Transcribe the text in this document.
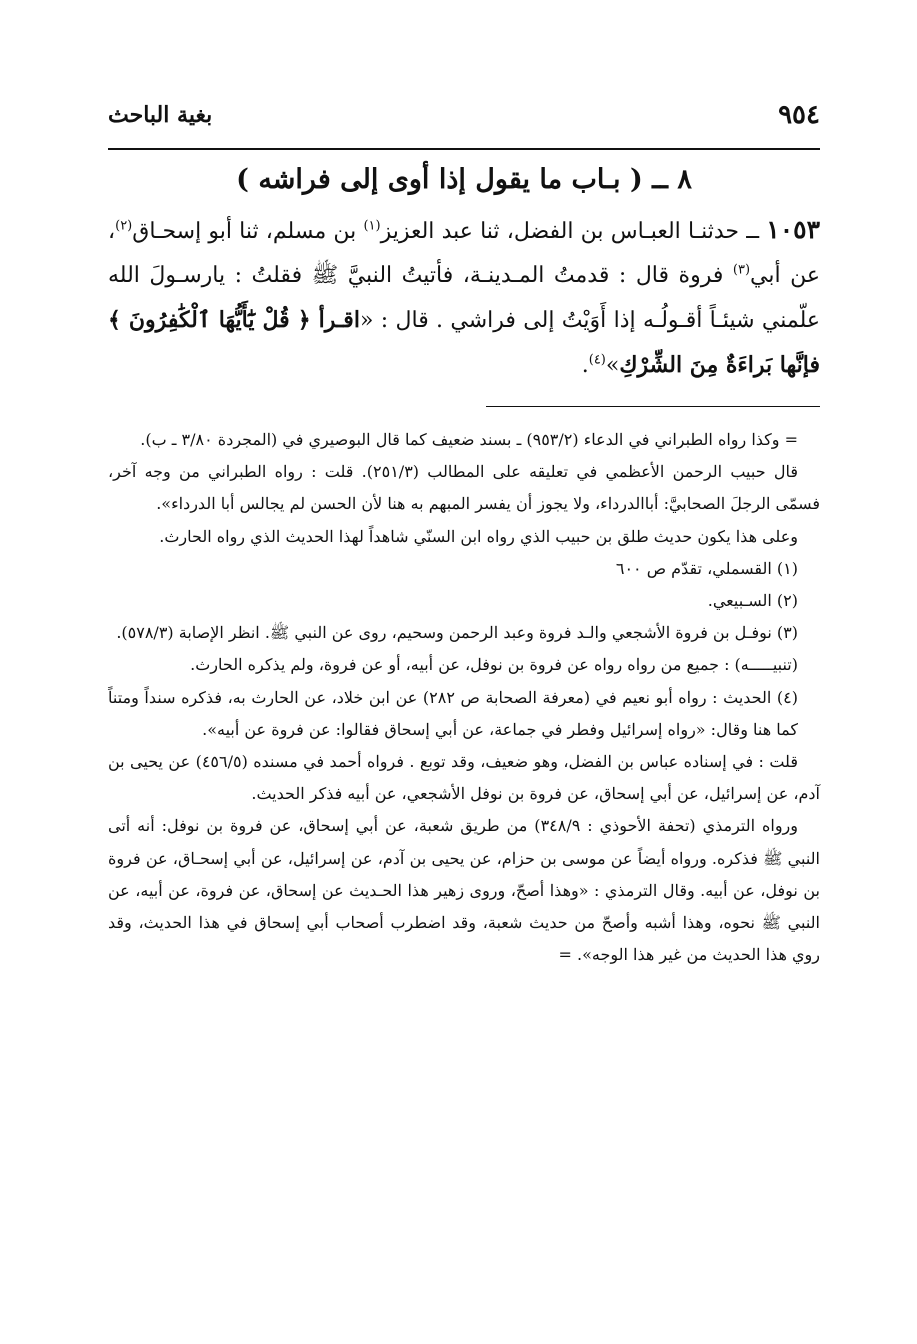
٩٥٤
بغية الباحث
٨ ــ ( بـاب ما يقول إذا أوى إلى فراشه )
١٠٥٣ ــ حدثنـا العبـاس بن الفضل، ثنا عبد العزيز$^{(١)}$ بن مسلم، ثنا أبو إسحـاق$^{(٢)}$، عن أبي$^{(٣)}$ فروة قال : قدمتُ المـدينـة، فأتيتُ النبيَّ ﷺ فقلتُ : يارسـولَ الله علّمني شيئـاً أقـولُـه إذا أَوَيْتُ إلى فراشي . قال : «اقـرأ ﴿ قُلْ يَٰٓأَيُّهَا ٱلْكَٰفِرُونَ ﴾ فإنَّها بَراءَةٌ مِنَ الشِّرْكِ»$^{(٤)}$.

= وكذا رواه الطبراني في الدعاء (٩٥٣/٢) ـ بسند ضعيف كما قال البوصيري في (المجردة ٣/٨٠ ـ ب).

قال حبيب الرحمن الأعظمي في تعليقه على المطالب (٢٥١/٣). قلت : رواه الطبراني من وجه آخر، فسمّى الرجلَ الصحابيَّ: أباالدرداء، ولا يجوز أن يفسر المبهم به هنا لأن الحسن لم يجالس أبا الدرداء».

وعلى هذا يكون حديث طلق بن حبيب الذي رواه ابن السنّي شاهداً لهذا الحديث الذي رواه الحارث.

(١) القسملي، تقدّم ص ٦٠٠

(٢) السـبيعي.

(٣) نوفـل بن فروة الأشجعي والـد فروة وعبد الرحمن وسحيم، روى عن النبي ﷺ. انظر الإصابة (٥٧٨/٣).

(تنبيـــــه) : جميع من رواه رواه عن فروة بن نوفل، عن أبيه، أو عن فروة، ولم يذكره الحارث.

(٤) الحديث : رواه أبو نعيم في (معرفة الصحابة ص ٢٨٢) عن ابن خلاد، عن الحارث به، فذكره سنداً ومتناً كما هنا وقال: «رواه إسرائيل وفطر في جماعة، عن أبي إسحاق فقالوا: عن فروة عن أبيه».

قلت : في إسناده عباس بن الفضل، وهو ضعيف، وقد توبع . فرواه أحمد في مسنده (٤٥٦/٥) عن يحيى بن آدم، عن إسرائيل، عن أبي إسحاق، عن فروة بن نوفل الأشجعي، عن أبيه فذكر الحديث.

ورواه الترمذي (تحفة الأحوذي : ٣٤٨/٩) من طريق شعبة، عن أبي إسحاق، عن فروة بن نوفل: أنه أتى النبي ﷺ فذكره. ورواه أيضاً عن موسى بن حزام، عن يحيى بن آدم، عن إسرائيل، عن أبي إسحـاق، عن فروة بن نوفل، عن أبيه. وقال الترمذي : «وهذا أصحّ، وروى زهير هذا الحـديث عن إسحاق، عن فروة، عن أبيه، عن النبي ﷺ نحوه، وهذا أشبه وأصحّ من حديث شعبة، وقد اضطرب أصحاب أبي إسحاق في هذا الحديث، وقد روي هذا الحديث من غير هذا الوجه». =
